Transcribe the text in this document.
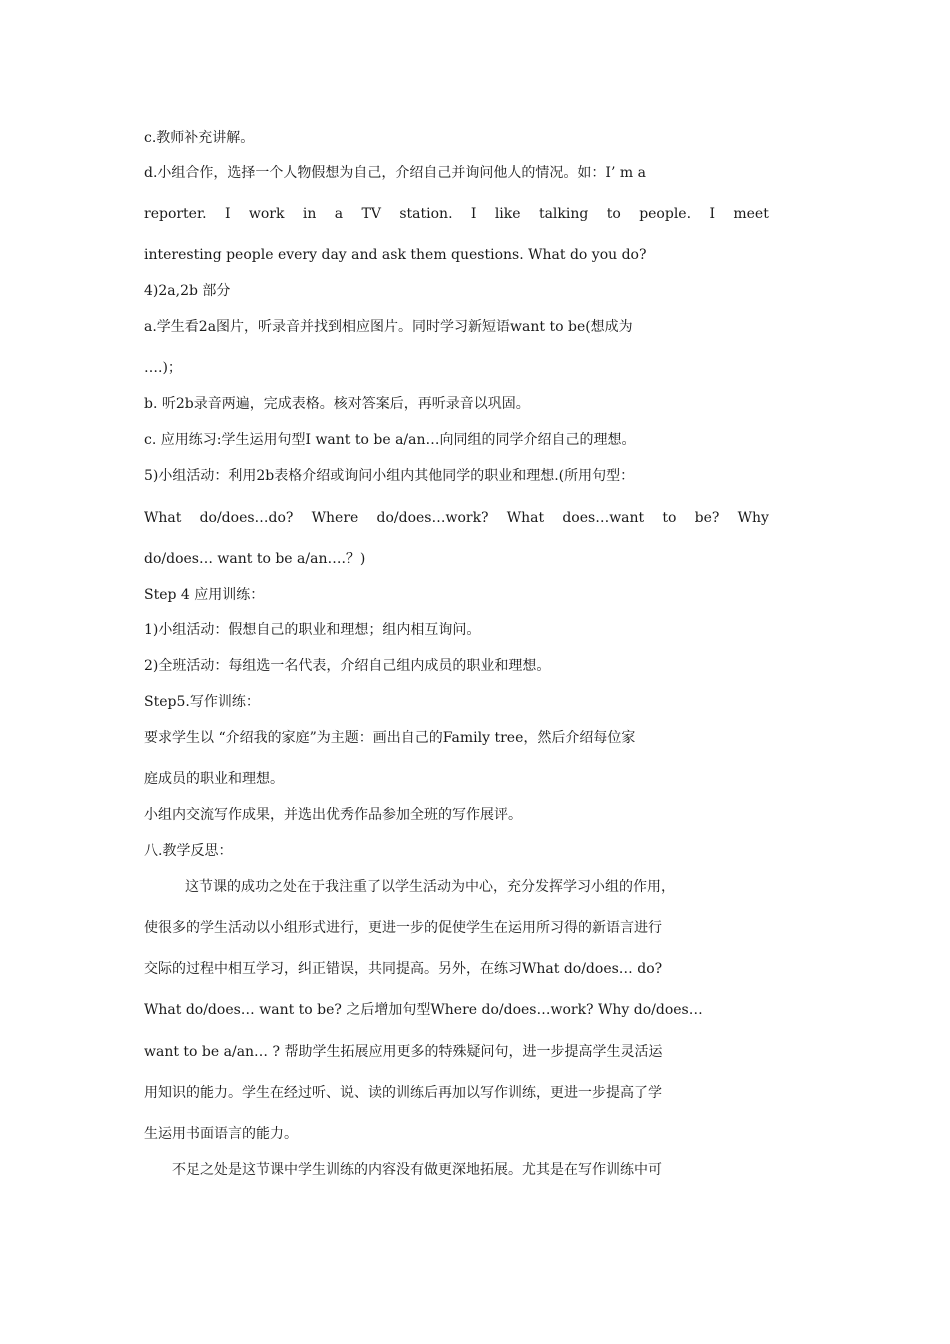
c.教师补充讲解。
d.小组合作，选择一个人物假想为自己，介绍自己并询问他人的情况。如：I’ m a
reporter. I work in a TV station. I like talking to people. I meet
interesting people every day and ask them questions. What do you do?
4)2a,2b 部分
a.学生看2a图片，听录音并找到相应图片。同时学习新短语want to be(想成为
….)；
b. 听2b录音两遍，完成表格。核对答案后，再听录音以巩固。
c. 应用练习:学生运用句型I want to be a/an…向同组的同学介绍自己的理想。
5)小组活动：利用2b表格介绍或询问小组内其他同学的职业和理想.(所用句型：
What do/does…do? Where do/does…work? What does…want to be? Why
do/does… want to be a/an….？)
Step 4 应用训练：
1)小组活动：假想自己的职业和理想；组内相互询问。
2)全班活动：每组选一名代表，介绍自己组内成员的职业和理想。
Step5.写作训练：
要求学生以 “介绍我的家庭”为主题：画出自己的Family tree，然后介绍每位家
庭成员的职业和理想。
小组内交流写作成果，并选出优秀作品参加全班的写作展评。
八.教学反思：
这节课的成功之处在于我注重了以学生活动为中心，充分发挥学习小组的作用，
使很多的学生活动以小组形式进行，更进一步的促使学生在运用所习得的新语言进行
交际的过程中相互学习，纠正错误，共同提高。另外，在练习What do/does… do?
What do/does… want to be? 之后增加句型Where do/does…work? Why do/does…
want to be a/an… ? 帮助学生拓展应用更多的特殊疑问句，进一步提高学生灵活运
用知识的能力。学生在经过听、说、读的训练后再加以写作训练，更进一步提高了学
生运用书面语言的能力。
不足之处是这节课中学生训练的内容没有做更深地拓展。尤其是在写作训练中可
